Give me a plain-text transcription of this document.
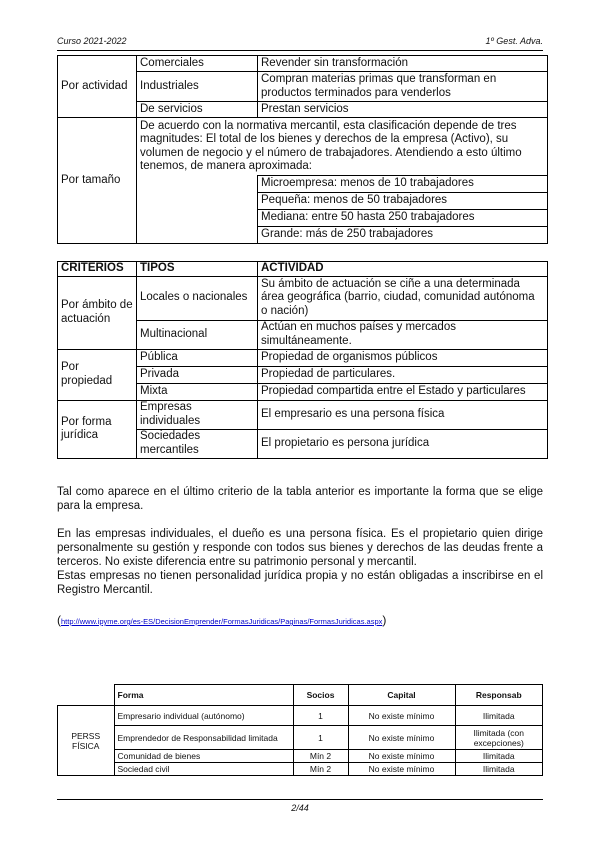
Curso 2021-2022	1º Gest. Adva.
Por actividad	Comerciales	Revender sin transformación
	Industriales	Compran materias primas que transforman en productos terminados para venderlos
	De servicios	Prestan servicios
Por tamaño	De acuerdo con la normativa mercantil, esta clasificación depende de tres magnitudes: El total de los bienes y derechos de la empresa (Activo), su volumen de negocio y el número de trabajadores. Atendiendo a esto último tenemos, de manera aproximada:	
		Microempresa: menos de 10 trabajadores
		Pequeña: menos de 50 trabajadores
		Mediana: entre 50 hasta 250 trabajadores
		Grande: más de 250 trabajadores
CRITERIOS	TIPOS	ACTIVIDAD
Por ámbito de actuación	Locales o nacionales	Su ámbito de actuación se ciñe a una determinada área geográfica (barrio, ciudad, comunidad autónoma o nación)
	Multinacional	Actúan en muchos países y mercados simultáneamente.
Por propiedad	Pública	Propiedad de organismos públicos
	Privada	Propiedad de particulares.
	Mixta	Propiedad compartida entre el Estado y particulares
Por forma jurídica	Empresas individuales	El empresario es una persona física
	Sociedades mercantiles	El propietario es persona jurídica

Tal como aparece en el último criterio de la tabla anterior es importante la forma que se elige para la empresa.

En las empresas individuales, el dueño es una persona física. Es el propietario quien dirige personalmente su gestión y responde con todos sus bienes y derechos de las deudas frente a terceros. No existe diferencia entre su patrimonio personal y mercantil.

Estas empresas no tienen personalidad jurídica propia y no están obligadas a inscribirse en el Registro Mercantil.

(http://www.ipyme.org/es-ES/DecisionEmprender/FormasJuridicas/Paginas/FormasJuridicas.aspx)
	Forma	Socios	Capital	Responsab
PERSS FÍSICA	Empresario individual (autónomo)	1	No existe mínimo	Ilimitada
	Emprendedor de Responsabilidad limitada	1	No existe mínimo	Ilimitada (con excepciones)
	Comunidad de bienes	Mín 2	No existe mínimo	Ilimitada
	Sociedad civil	Mín 2	No existe mínimo	Ilimitada
2/44
